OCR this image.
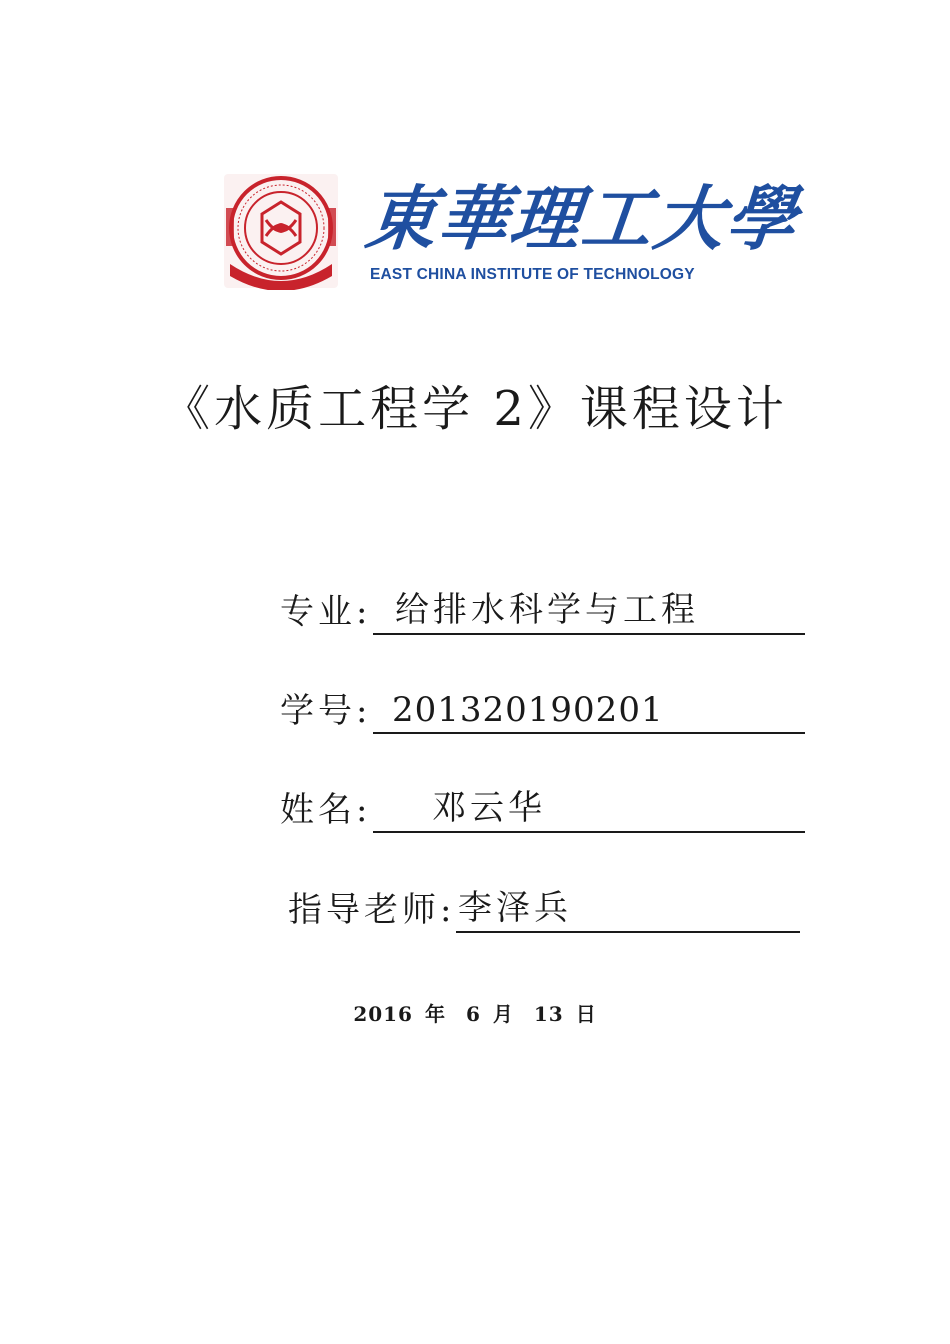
東華理工大學
EAST CHINA INSTITUTE OF TECHNOLOGY
《水质工程学 2》课程设计
专业: 给排水科学与工程
学号: 201320190201
姓名: 邓云华
指导老师: 李泽兵
2016 年 6 月 13 日
